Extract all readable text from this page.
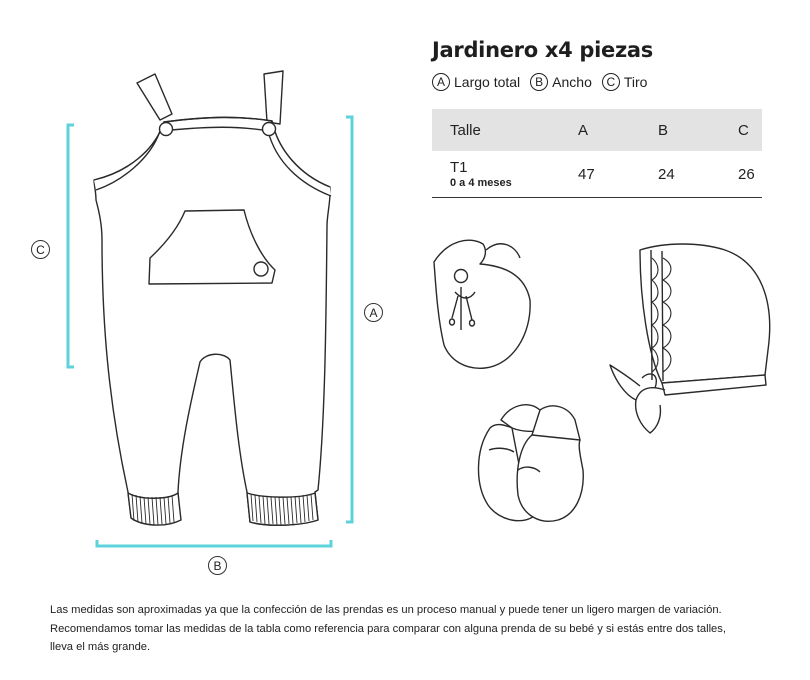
Jardinero x4 piezas
A Largo total	B Ancho	C Tiro
Talle	A	B	C
T1
0 a 4 meses	47	24	26
C
A
B
Las medidas son aproximadas ya que la confección de las prendas es un proceso manual y puede tener un ligero margen de variación. Recomendamos tomar las medidas de la tabla como referencia para comparar con alguna prenda de su bebé y si estás entre dos talles, lleva el más grande.
